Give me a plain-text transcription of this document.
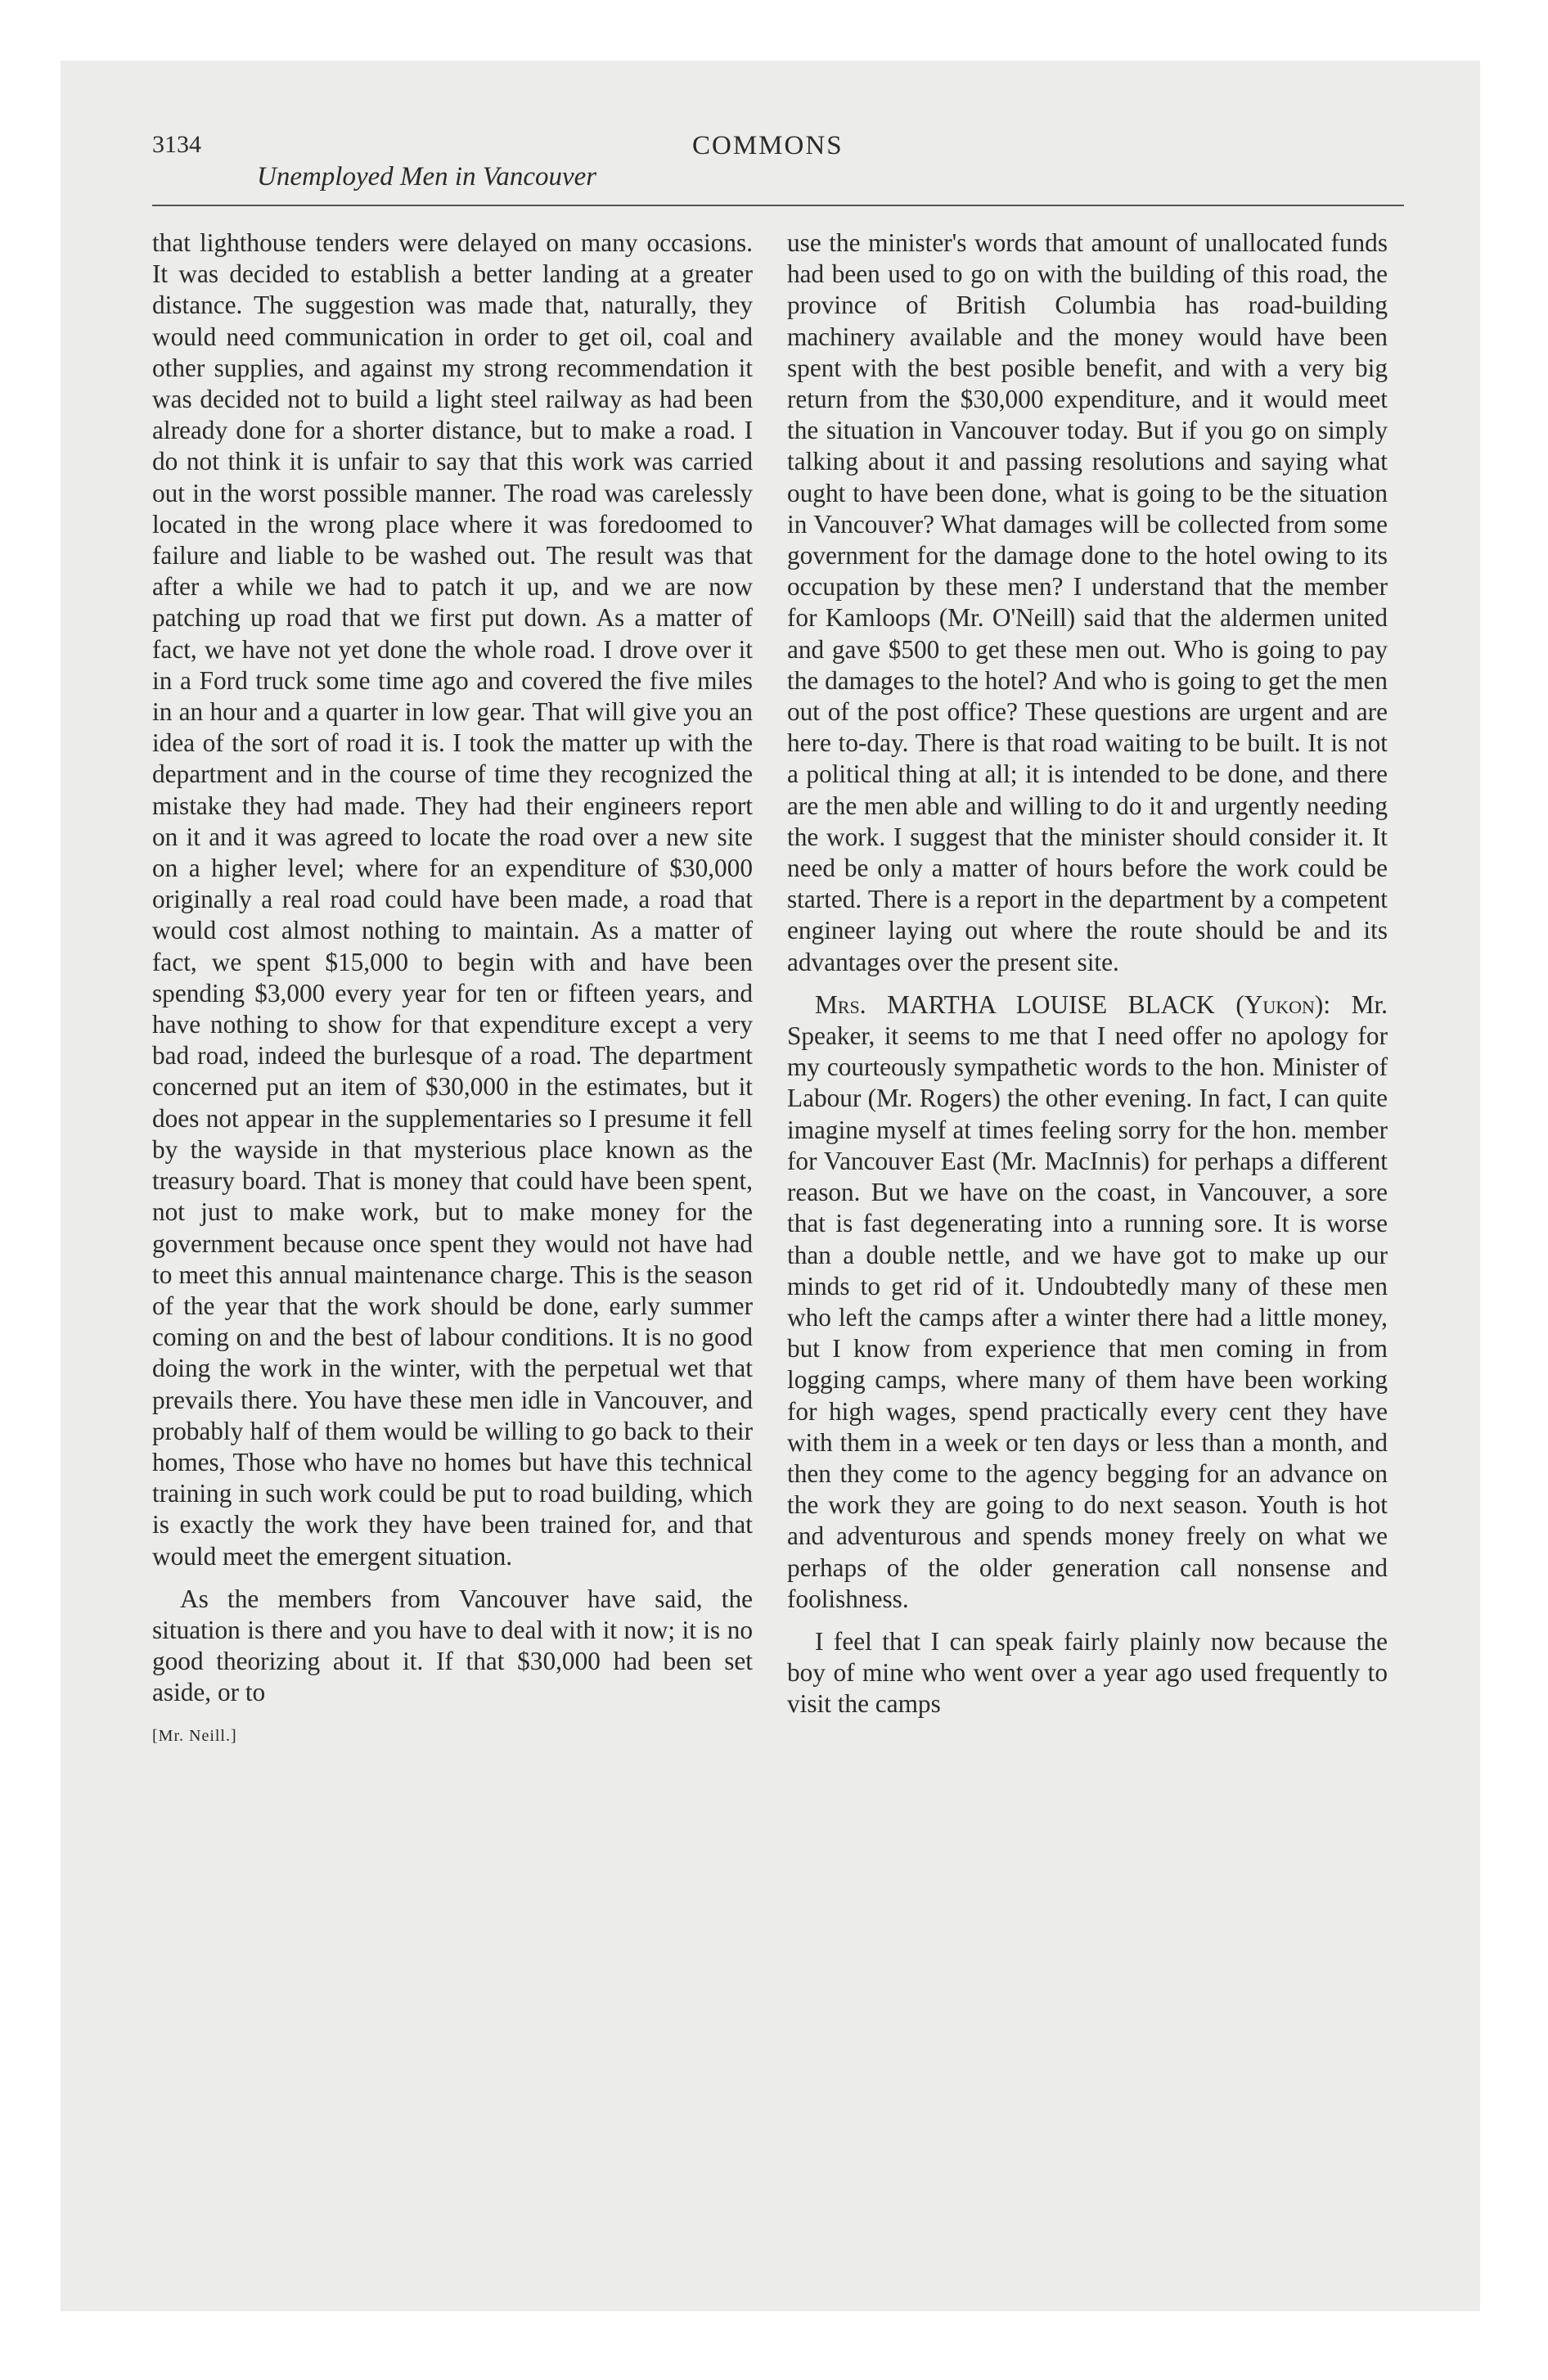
3134	COMMONS
Unemployed Men in Vancouver

that lighthouse tenders were delayed on many occasions. It was decided to establish a better landing at a greater distance. The suggestion was made that, naturally, they would need communication in order to get oil, coal and other supplies, and against my strong recommendation it was decided not to build a light steel railway as had been already done for a shorter distance, but to make a road. I do not think it is unfair to say that this work was carried out in the worst possible manner. The road was carelessly located in the wrong place where it was foredoomed to failure and liable to be washed out. The result was that after a while we had to patch it up, and we are now patching up road that we first put down. As a matter of fact, we have not yet done the whole road. I drove over it in a Ford truck some time ago and covered the five miles in an hour and a quarter in low gear. That will give you an idea of the sort of road it is. I took the matter up with the department and in the course of time they recognized the mistake they had made. They had their engineers report on it and it was agreed to locate the road over a new site on a higher level; where for an expenditure of $30,000 originally a real road could have been made, a road that would cost almost nothing to maintain. As a matter of fact, we spent $15,000 to begin with and have been spending $3,000 every year for ten or fifteen years, and have nothing to show for that expenditure except a very bad road, indeed the burlesque of a road. The department concerned put an item of $30,000 in the estimates, but it does not appear in the supplementaries so I presume it fell by the wayside in that mysterious place known as the treasury board. That is money that could have been spent, not just to make work, but to make money for the government because once spent they would not have had to meet this annual maintenance charge. This is the season of the year that the work should be done, early summer coming on and the best of labour conditions. It is no good doing the work in the winter, with the perpetual wet that prevails there. You have these men idle in Vancouver, and probably half of them would be willing to go back to their homes, Those who have no homes but have this technical training in such work could be put to road building, which is exactly the work they have been trained for, and that would meet the emergent situation.

As the members from Vancouver have said, the situation is there and you have to deal with it now; it is no good theorizing about it. If that $30,000 had been set aside, or to

[Mr. Neill.]

use the minister's words that amount of unallocated funds had been used to go on with the building of this road, the province of British Columbia has road-building machinery available and the money would have been spent with the best posible benefit, and with a very big return from the $30,000 expenditure, and it would meet the situation in Vancouver today. But if you go on simply talking about it and passing resolutions and saying what ought to have been done, what is going to be the situation in Vancouver? What damages will be collected from some government for the damage done to the hotel owing to its occupation by these men? I understand that the member for Kamloops (Mr. O'Neill) said that the aldermen united and gave $500 to get these men out. Who is going to pay the damages to the hotel? And who is going to get the men out of the post office? These questions are urgent and are here to-day. There is that road waiting to be built. It is not a political thing at all; it is intended to be done, and there are the men able and willing to do it and urgently needing the work. I suggest that the minister should consider it. It need be only a matter of hours before the work could be started. There is a report in the department by a competent engineer laying out where the route should be and its advantages over the present site.

Mrs. MARTHA LOUISE BLACK (Yukon): Mr. Speaker, it seems to me that I need offer no apology for my courteously sympathetic words to the hon. Minister of Labour (Mr. Rogers) the other evening. In fact, I can quite imagine myself at times feeling sorry for the hon. member for Vancouver East (Mr. MacInnis) for perhaps a different reason. But we have on the coast, in Vancouver, a sore that is fast degenerating into a running sore. It is worse than a double nettle, and we have got to make up our minds to get rid of it. Undoubtedly many of these men who left the camps after a winter there had a little money, but I know from experience that men coming in from logging camps, where many of them have been working for high wages, spend practically every cent they have with them in a week or ten days or less than a month, and then they come to the agency begging for an advance on the work they are going to do next season. Youth is hot and adventurous and spends money freely on what we perhaps of the older generation call nonsense and foolishness.

I feel that I can speak fairly plainly now because the boy of mine who went over a year ago used frequently to visit the camps
